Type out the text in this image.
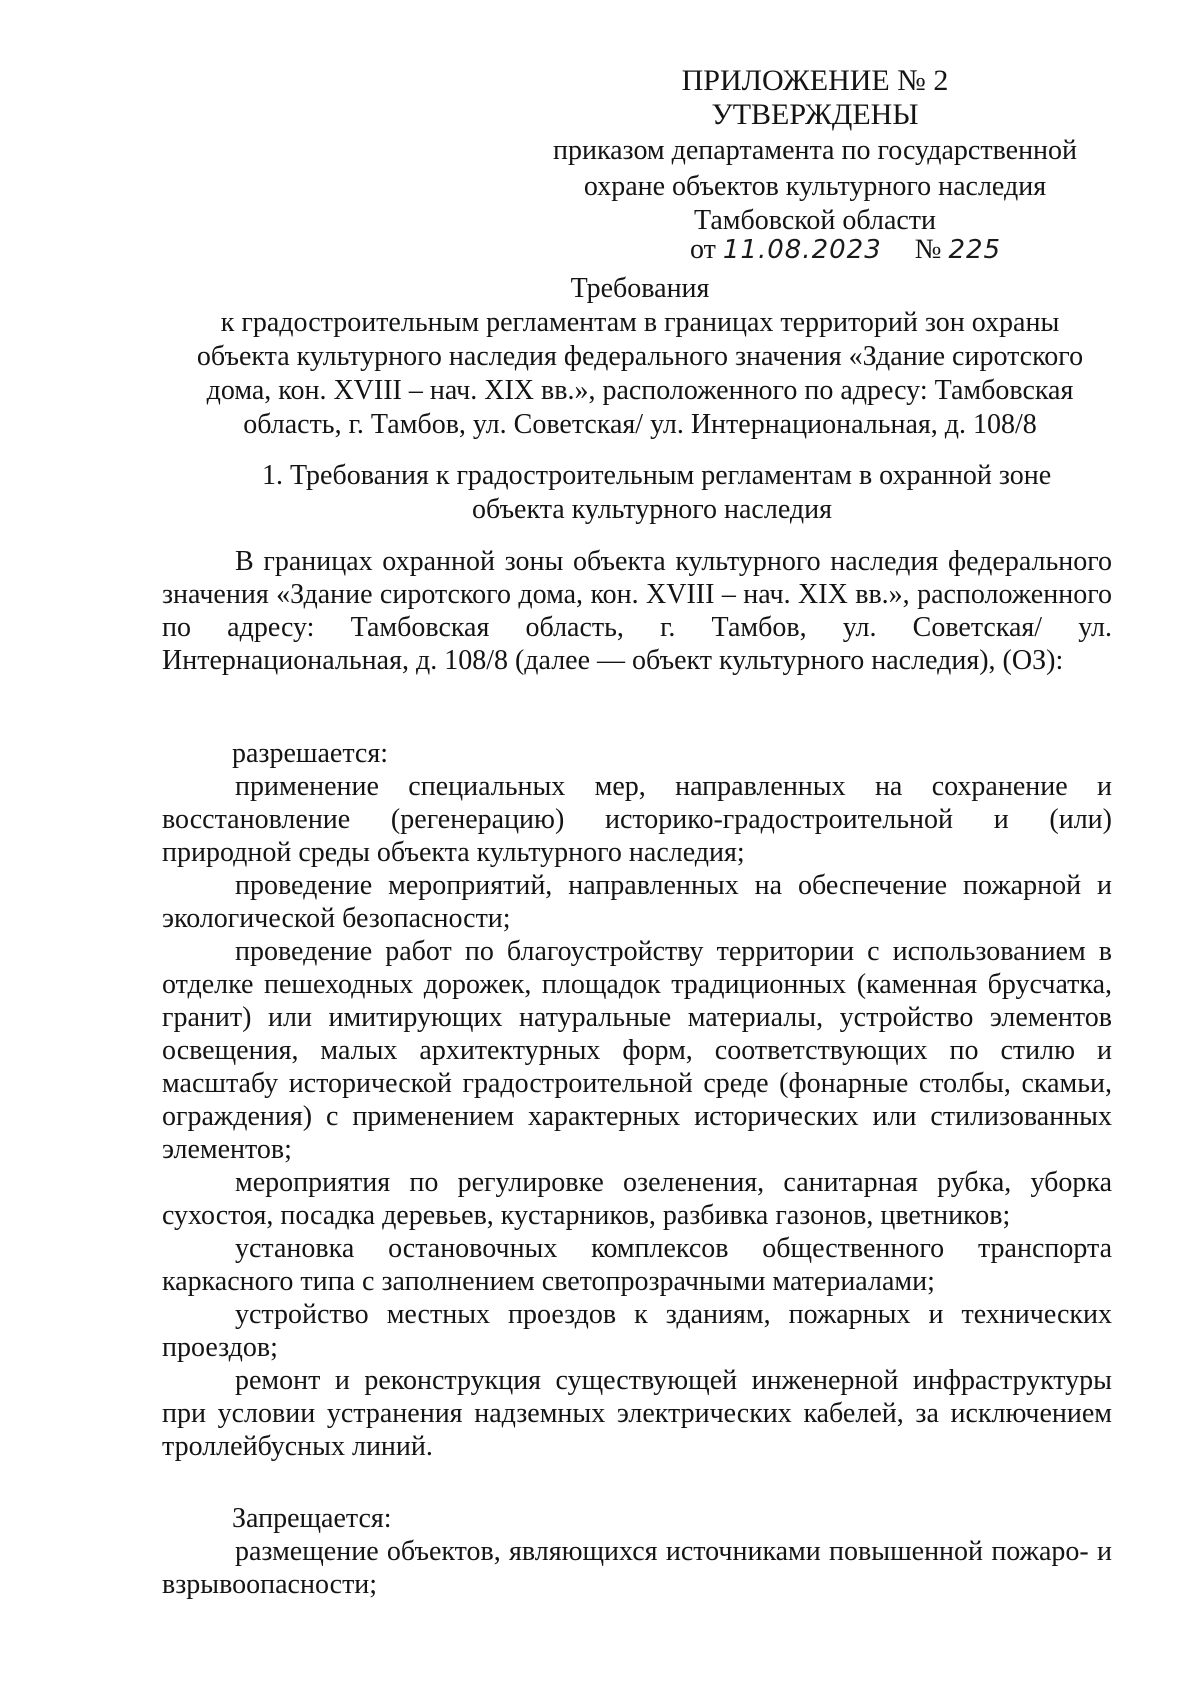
ПРИЛОЖЕНИЕ № 2
УТВЕРЖДЕНЫ
приказом департамента по государственной
охране объектов культурного наследия
Тамбовской области
от 11.08.2023 № 225
Требования
к градостроительным регламентам в границах территорий зон охраны
объекта культурного наследия федерального значения «Здание сиротского
дома, кон. XVIII – нач. XIX вв.», расположенного по адресу: Тамбовская
область, г. Тамбов, ул. Советская/ ул. Интернациональная, д. 108/8
1. Требования к градостроительным регламентам в охранной зоне
объекта культурного наследия

В границах охранной зоны объекта культурного наследия федерального значения «Здание сиротского дома, кон. XVIII – нач. XIX вв.», расположенного по адресу: Тамбовская область, г. Тамбов, ул. Советская/ ул. Интернациональная, д. 108/8 (далее — объект культурного наследия), (ОЗ):

разрешается:

применение специальных мер, направленных на сохранение и восстановление (регенерацию) историко-градостроительной и (или) природной среды объекта культурного наследия;

проведение мероприятий, направленных на обеспечение пожарной и экологической безопасности;

проведение работ по благоустройству территории с использованием в отделке пешеходных дорожек, площадок традиционных (каменная брусчатка, гранит) или имитирующих натуральные материалы, устройство элементов освещения, малых архитектурных форм, соответствующих по стилю и масштабу исторической градостроительной среде (фонарные столбы, скамьи, ограждения) с применением характерных исторических или стилизованных элементов;

мероприятия по регулировке озеленения, санитарная рубка, уборка сухостоя, посадка деревьев, кустарников, разбивка газонов, цветников;

установка остановочных комплексов общественного транспорта каркасного типа с заполнением светопрозрачными материалами;

устройство местных проездов к зданиям, пожарных и технических проездов;

ремонт и реконструкция существующей инженерной инфраструктуры при условии устранения надземных электрических кабелей, за исключением троллейбусных линий.

Запрещается:

размещение объектов, являющихся источниками повышенной пожаро- и взрывоопасности;
